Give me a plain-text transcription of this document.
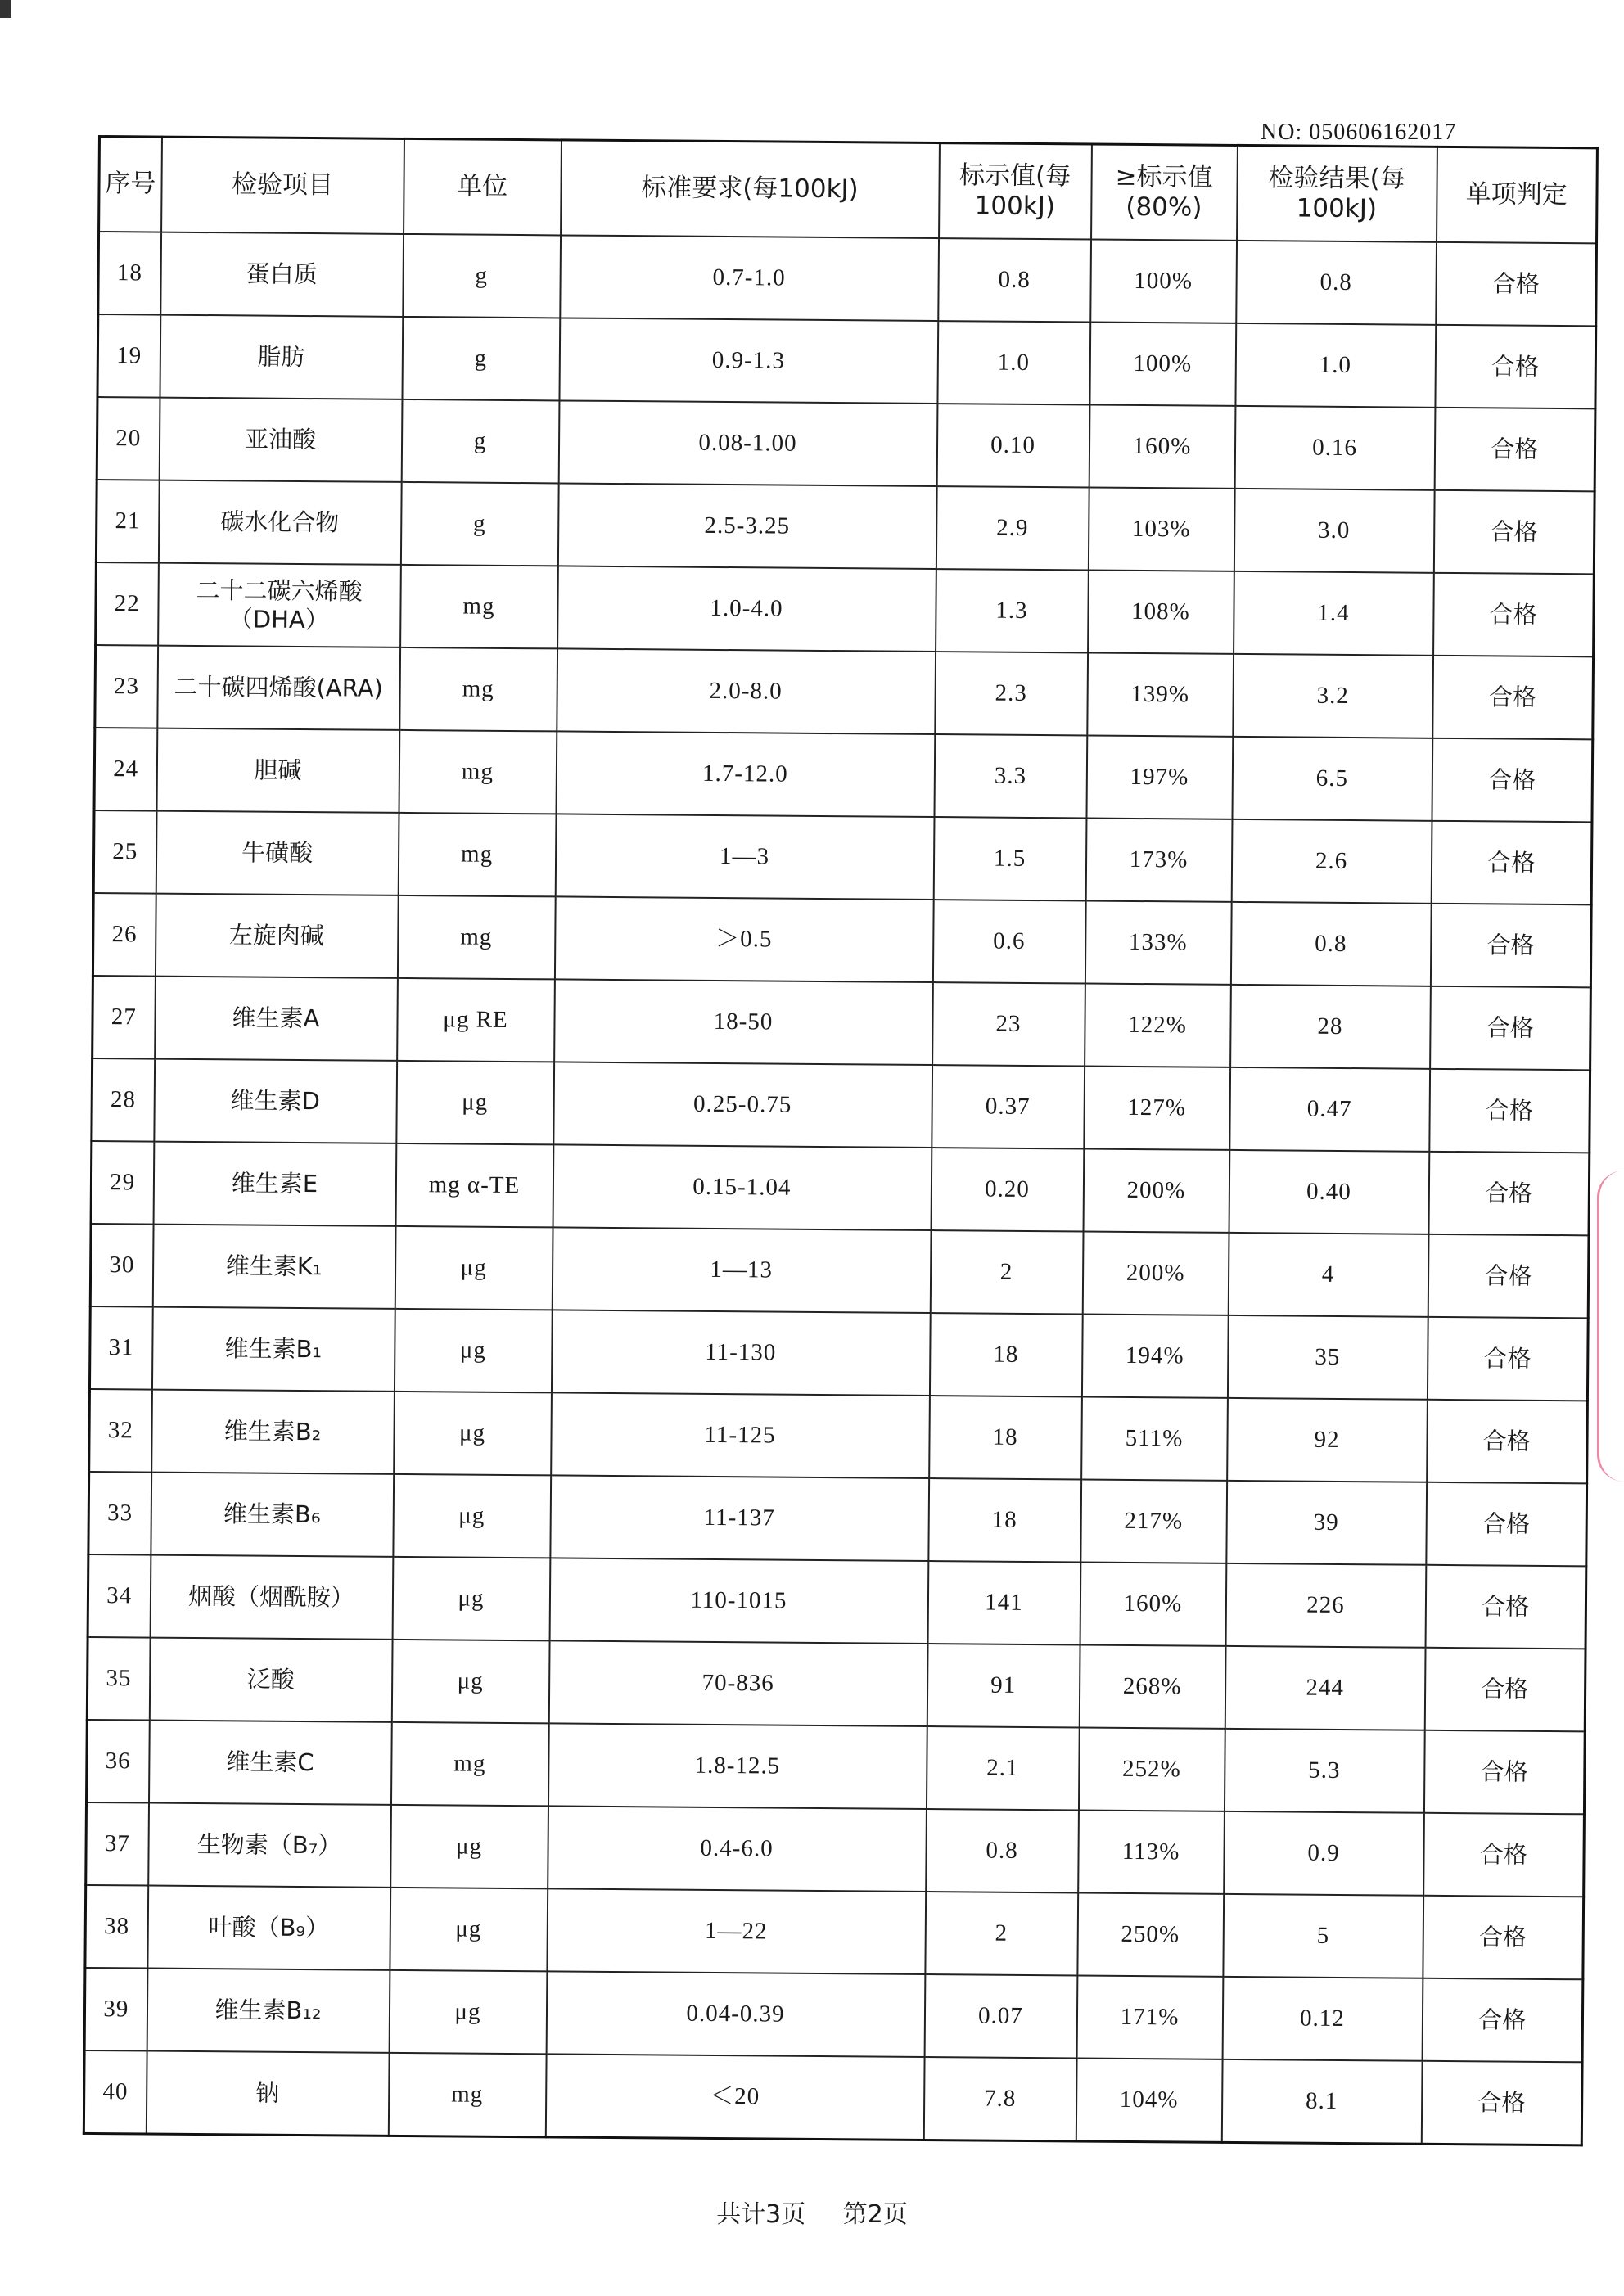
NO: 050606162017
序号	检验项目	单位	标准要求(每100kJ)	标示值(每100kJ)	≥标示值(80%)	检验结果(每100kJ)	单项判定
18	蛋白质	g	0.7-1.0	0.8	100%	0.8	合格
19	脂肪	g	0.9-1.3	1.0	100%	1.0	合格
20	亚油酸	g	0.08-1.00	0.10	160%	0.16	合格
21	碳水化合物	g	2.5-3.25	2.9	103%	3.0	合格
22	二十二碳六烯酸（DHA）	mg	1.0-4.0	1.3	108%	1.4	合格
23	二十碳四烯酸(ARA)	mg	2.0-8.0	2.3	139%	3.2	合格
24	胆碱	mg	1.7-12.0	3.3	197%	6.5	合格
25	牛磺酸	mg	1—3	1.5	173%	2.6	合格
26	左旋肉碱	mg	＞0.5	0.6	133%	0.8	合格
27	维生素A	μg RE	18-50	23	122%	28	合格
28	维生素D	μg	0.25-0.75	0.37	127%	0.47	合格
29	维生素E	mg α-TE	0.15-1.04	0.20	200%	0.40	合格
30	维生素K₁	μg	1—13	2	200%	4	合格
31	维生素B₁	μg	11-130	18	194%	35	合格
32	维生素B₂	μg	11-125	18	511%	92	合格
33	维生素B₆	μg	11-137	18	217%	39	合格
34	烟酸（烟酰胺）	μg	110-1015	141	160%	226	合格
35	泛酸	μg	70-836	91	268%	244	合格
36	维生素C	mg	1.8-12.5	2.1	252%	5.3	合格
37	生物素（B₇）	μg	0.4-6.0	0.8	113%	0.9	合格
38	叶酸（B₉）	μg	1—22	2	250%	5	合格
39	维生素B₁₂	μg	0.04-0.39	0.07	171%	0.12	合格
40	钠	mg	＜20	7.8	104%	8.1	合格
共计3页 第2页
